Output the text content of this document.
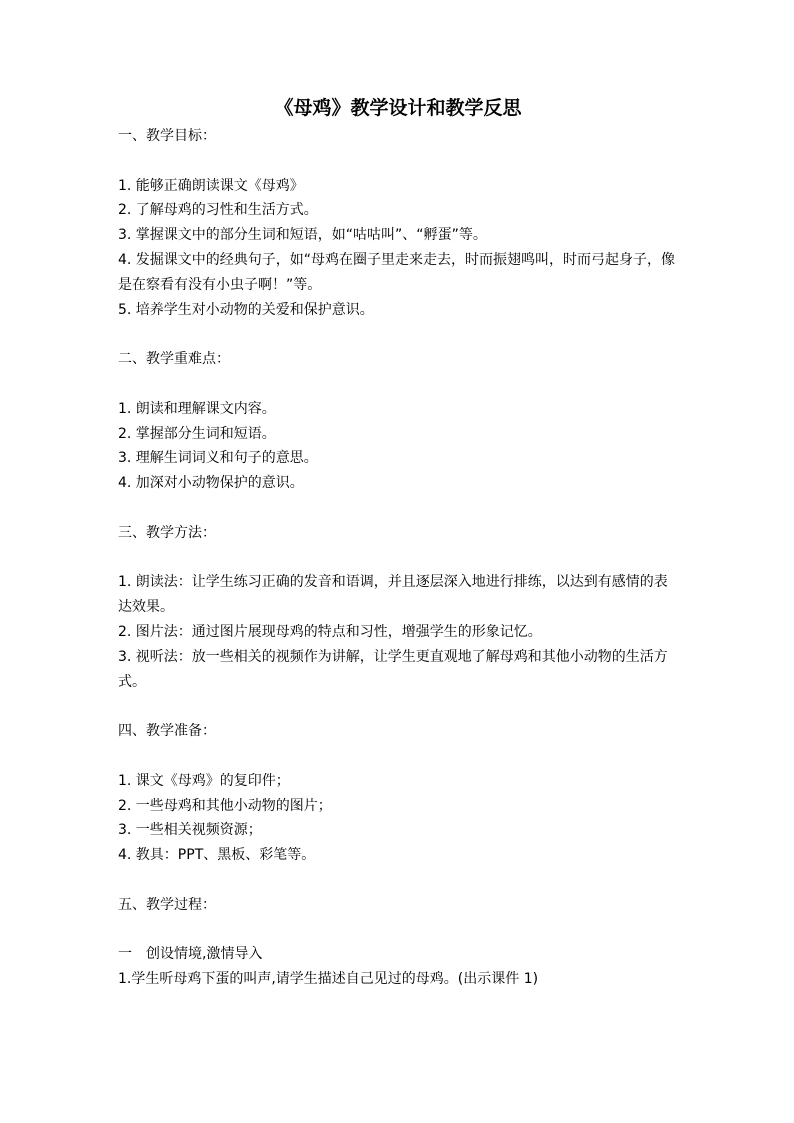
《母鸡》教学设计和教学反思

一、教学目标：

1. 能够正确朗读课文《母鸡》

2. 了解母鸡的习性和生活方式。

3. 掌握课文中的部分生词和短语，如“咕咕叫”、“孵蛋”等。

4. 发掘课文中的经典句子，如“母鸡在圈子里走来走去，时而振翅鸣叫，时而弓起身子，像是在察看有没有小虫子啊！”等。

5. 培养学生对小动物的关爱和保护意识。

二、教学重难点：

1. 朗读和理解课文内容。

2. 掌握部分生词和短语。

3. 理解生词词义和句子的意思。

4. 加深对小动物保护的意识。

三、教学方法：

1. 朗读法：让学生练习正确的发音和语调，并且逐层深入地进行排练，以达到有感情的表达效果。

2. 图片法：通过图片展现母鸡的特点和习性，增强学生的形象记忆。

3. 视听法：放一些相关的视频作为讲解，让学生更直观地了解母鸡和其他小动物的生活方式。

四、教学准备：

1. 课文《母鸡》的复印件；

2. 一些母鸡和其他小动物的图片；

3. 一些相关视频资源；

4. 教具：PPT、黑板、彩笔等。

五、教学过程：

一　创设情境,激情导入

1.学生听母鸡下蛋的叫声,请学生描述自己见过的母鸡。(出示课件 1)
